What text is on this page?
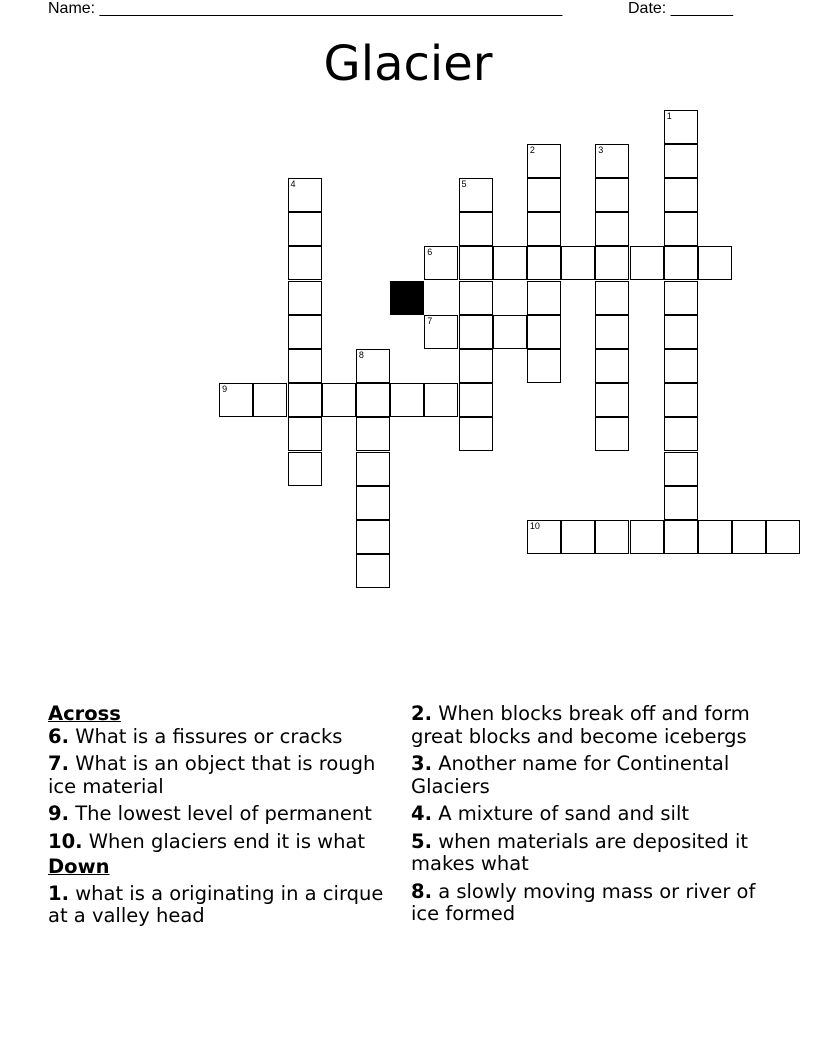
Name: ____________________________________________________	Date: _______
Glacier
1
2	3
4	5
6
7
8
9
10

Across

6. What is a fissures or cracks

7. What is an object that is rough ice material

9. The lowest level of permanent

10. When glaciers end it is what

Down

1. what is a originating in a cirque at a valley head

2. When blocks break off and form great blocks and become icebergs

3. Another name for Continental Glaciers

4. A mixture of sand and silt

5. when materials are deposited it makes what

8. a slowly moving mass or river of ice formed
